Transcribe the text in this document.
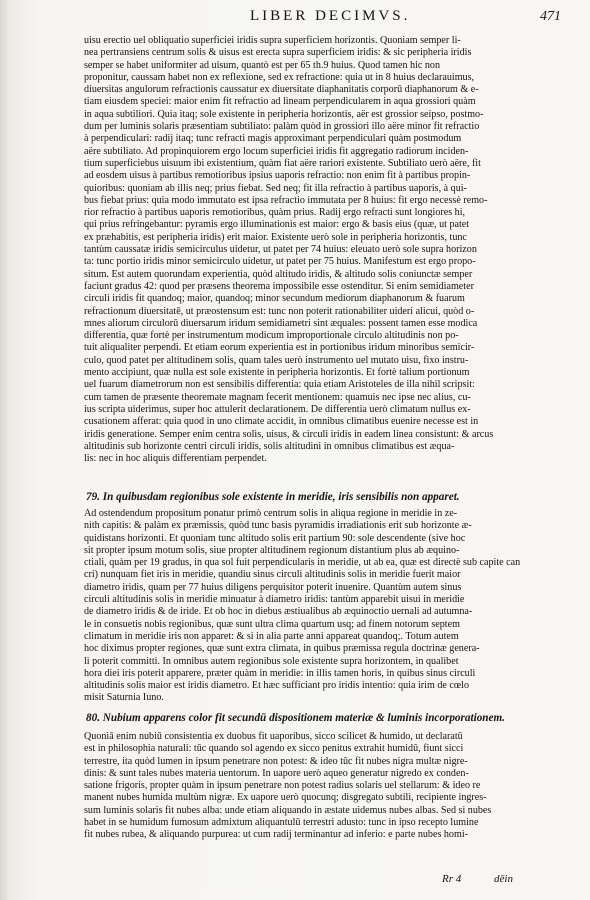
LIBER DECIMVS.	471
uisu erectio uel obliquatio superficiei iridis supra superficiem horizontis. Quoniam semper li-
nea pertransiens centrum solis & uisus est erecta supra superficiem iridis: & sic peripheria iridis
semper se habet uniformiter ad uisum, quantò est per 65 th.9 huius. Quod tamen hic non
proponitur, caussam habet non ex reflexione, sed ex refractione: quia ut in 8 huius declarauimus,
diuersitas angulorum refractionis caussatur ex diuersitate diaphanitatis corporū diaphanorum & e-
tiam eiusdem speciei: maior enim fit refractio ad lineam perpendicularem in aqua grossiori quàm
in aqua subtiliori. Quia itaq; sole existente in peripheria horizontis, aër est grossior seipso, postmo-
dum per luminis solaris præsentiam subtiliato: palàm quòd in grossiori illo aëre minor fit refractio
à perpendiculari: radij itaq; tunc refracti magis approximant perpendiculari quàm postmodum
aëre subtiliato. Ad propinquiorem ergo locum superficiei iridis fit aggregatio radiorum inciden-
tium superficiebus uisuum ibi existentium, quàm fiat aëre rariori existente. Subtiliato uerò aëre, fit
ad eosdem uisus à partibus remotioribus ipsius uaporis refractio: non enim fit à partibus propin-
quioribus: quoniam ab illis neq; prius fiebat. Sed neq; fit illa refractio à partibus uaporis, à qui-
bus fiebat prius: quia modo immutato est ipsa refractio immutata per 8 huius: fit ergo necessè remo-
rior refractio à partibus uaporis remotioribus, quàm prius. Radij ergo refracti sunt longiores hi,
qui prius refringebantur: pyramis ergo illuminationis est maior: ergo & basis eius (quæ, ut patet
ex præhabitis, est peripheria iridis) erit maior. Existente uerò sole in peripheria horizontis, tunc
tantùm caussatæ iridis semicirculus uidetur, ut patet per 74 huius: eleuato uerò sole supra horizon
ta: tunc portio iridis minor semicirculo uidetur, ut patet per 75 huius. Manifestum est ergo propo-
situm. Est autem quorundam experientia, quòd altitudo iridis, & altitudo solis coniunctæ semper
faciunt gradus 42: quod per præsens theorema impossibile esse ostenditur. Si enim semidiameter
circuli iridis fit quandoq; maior, quandoq; minor secundum mediorum diaphanorum & fuarum
refractionum diuersitatē, ut præostensum est: tunc non poterit rationabiliter uideri alicui, quòd o-
mnes aliorum circulorū diuersarum iridum semidiametri sint æquales: possent tamen esse modica
differentia, quæ fortè per instrumentum modicum improportionale circulo altitudinis non po-
tuit aliqualiter perpendi. Et etiam eorum experientia est in portionibus iridum minoribus semicir-
culo, quod patet per altitudinem solis, quam tales uerò instrumento uel mutato uisu, fixo instru-
mento accipiunt, quæ nulla est sole existente in peripheria horizontis. Et fortè talium portionum
uel fuarum diametrorum non est sensibilis differentia: quia etiam Aristoteles de illa nihil scripsit:
cum tamen de præsente theoremate magnam fecerit mentionem: quamuis nec ipse nec alius, cu-
ius scripta uiderimus, super hoc attulerit declarationem. De differentia uerò climatum nullus ex-
cusationem afferat: quia quod in uno climate accidit, in omnibus climatibus euenire necesse est in
iridis generatione. Semper enim centra solis, uisus, & circuli iridis in eadem linea consistunt: & arcus
altitudinis sub horizonte centri circuli iridis, solis altitudini in omnibus climatibus est æqua-
lis: nec in hoc aliquis differentiam perpendet.
79. In quibusdam regionibus sole existente in meridie, iris sensibilis non apparet.
Ad ostendendum propositum ponatur primò centrum solis in aliqua regione in meridie in ze-
nith capitis: & palàm ex præmissis, quòd tunc basis pyramidis irradiationis erit sub horizonte æ-
quidistans horizonti. Et quoniam tunc altitudo solis erit partium 90: sole descendente (sive hoc
sit propter ipsum motum solis, siue propter altitudinem regionum distantium plus ab æquino-
ctiali, quàm per 19 gradus, in qua sol fuit perpendicularis in meridie, ut ab ea, quæ est directè sub capite can
cri) nunquam fiet iris in meridie, quandiu sinus circuli altitudinis solis in meridie fuerit maior
diametro iridis, quam per 77 huius diligens perquisitor poterit inuenire. Quantùm autem sinus
circuli altitudinis solis in meridie minuatur à diametro iridis: tantùm apparebit uisui in meridie
de diametro iridis & de iride. Et ob hoc in diebus æstiualibus ab æquinoctio uernali ad autumna-
le in consuetis nobis regionibus, quæ sunt ultra clima quartum usq; ad finem notorum septem
climatum in meridie iris non apparet: & si in alia parte anni appareat quandoq;. Totum autem
hoc diximus propter regiones, quæ sunt extra climata, in quibus præmissa regula doctrinæ genera-
li poterit committi. In omnibus autem regionibus sole existente supra horizontem, in qualibet
hora diei iris poterit apparere, præter quàm in meridie: in illis tamen horis, in quibus sinus circuli
altitudinis solis maior est iridis diametro. Et hæc sufficiant pro iridis intentio: quia irim de cœlo
misit Saturnia Iuno.
80. Nubium apparens color fit secundū dispositionem materiæ & luminis incorporationem.
Quoniā enim nubiū consistentia ex duobus fit uaporibus, sicco scilicet & humido, ut declaratū
est in philosophia naturali: tūc quando sol agendo ex sicco penitus extrahit humidū, fiunt sicci
terrestre, ita quòd lumen in ipsum penetrare non potest: & ideo tūc fit nubes nigra multæ nigre-
dinis: & sunt tales nubes materia uentorum. In uapore uerò aqueo generatur nigredo ex conden-
satione frigoris, propter quàm in ipsum penetrare non potest radius solaris uel stellarum: & ideo re
manent nubes humida multùm nigræ. Ex uapore uerò quocunq; disgregato subtili, recipiente ingres-
sum luminis solaris fit nubes alba: unde etiam aliquando in æstate uidemus nubes albas. Sed si nubes
habet in se humidum fumosum admixtum aliquantulū terrestri adusto: tunc in ipso recepto lumine
fit nubes rubea, & aliquando purpurea: ut cum radij terminantur ad inferio: e parte nubes homi-
Rr 4	dēin
